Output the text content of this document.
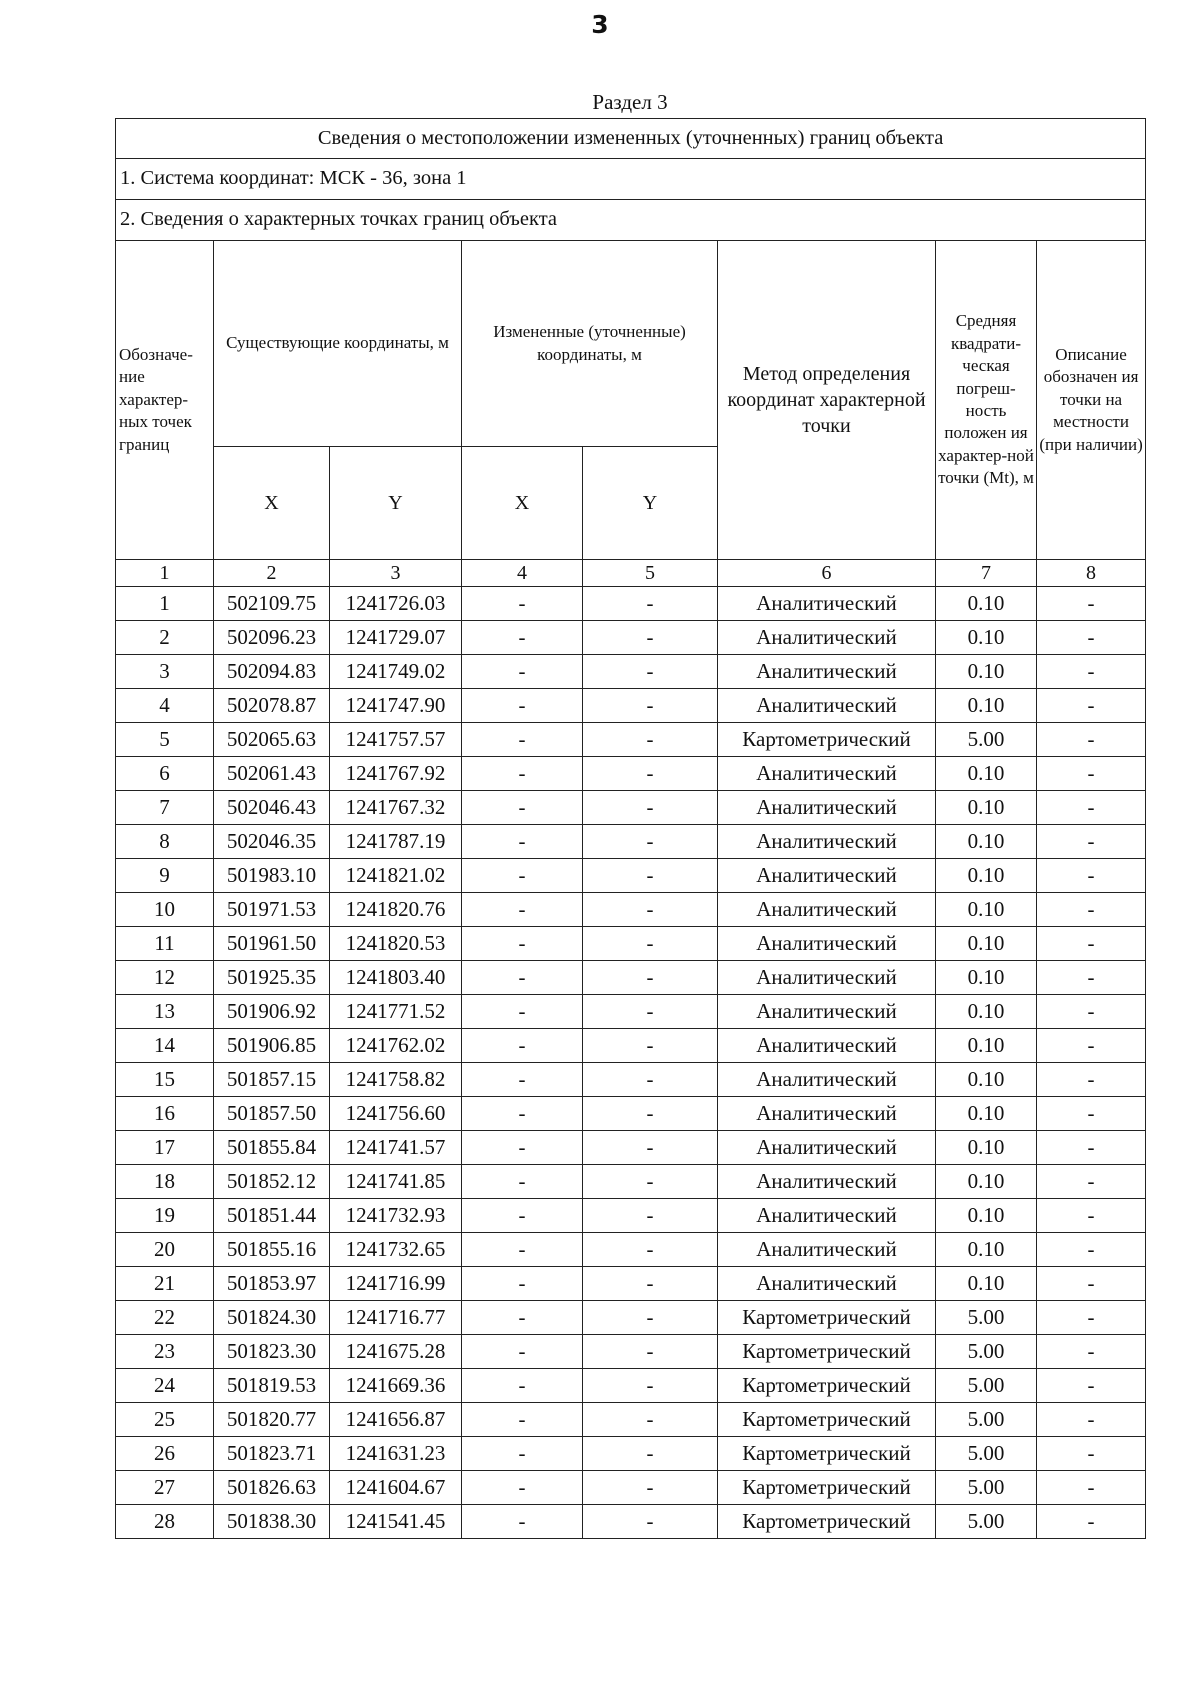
3
Раздел 3
Сведения о местоположении измененных (уточненных) границ объекта							
1. Система координат: МСК - 36, зона 1							
2. Сведения о характерных точках границ объекта							
Обозначе-ние характер-ных точек границ	Существующие координаты, м		Измененные (уточненные) координаты, м		Метод определения координат характерной точки	Средняя квадрати-ческая погреш-ность положен ия характер-ной точки (Mt), м	Описание обозначен ия точки на местности (при наличии)
	X	Y	X	Y			
1	2	3	4	5	6	7	8
1	502109.75	1241726.03	-	-	Аналитический	0.10	-
2	502096.23	1241729.07	-	-	Аналитический	0.10	-
3	502094.83	1241749.02	-	-	Аналитический	0.10	-
4	502078.87	1241747.90	-	-	Аналитический	0.10	-
5	502065.63	1241757.57	-	-	Картометрический	5.00	-
6	502061.43	1241767.92	-	-	Аналитический	0.10	-
7	502046.43	1241767.32	-	-	Аналитический	0.10	-
8	502046.35	1241787.19	-	-	Аналитический	0.10	-
9	501983.10	1241821.02	-	-	Аналитический	0.10	-
10	501971.53	1241820.76	-	-	Аналитический	0.10	-
11	501961.50	1241820.53	-	-	Аналитический	0.10	-
12	501925.35	1241803.40	-	-	Аналитический	0.10	-
13	501906.92	1241771.52	-	-	Аналитический	0.10	-
14	501906.85	1241762.02	-	-	Аналитический	0.10	-
15	501857.15	1241758.82	-	-	Аналитический	0.10	-
16	501857.50	1241756.60	-	-	Аналитический	0.10	-
17	501855.84	1241741.57	-	-	Аналитический	0.10	-
18	501852.12	1241741.85	-	-	Аналитический	0.10	-
19	501851.44	1241732.93	-	-	Аналитический	0.10	-
20	501855.16	1241732.65	-	-	Аналитический	0.10	-
21	501853.97	1241716.99	-	-	Аналитический	0.10	-
22	501824.30	1241716.77	-	-	Картометрический	5.00	-
23	501823.30	1241675.28	-	-	Картометрический	5.00	-
24	501819.53	1241669.36	-	-	Картометрический	5.00	-
25	501820.77	1241656.87	-	-	Картометрический	5.00	-
26	501823.71	1241631.23	-	-	Картометрический	5.00	-
27	501826.63	1241604.67	-	-	Картометрический	5.00	-
28	501838.30	1241541.45	-	-	Картометрический	5.00	-
